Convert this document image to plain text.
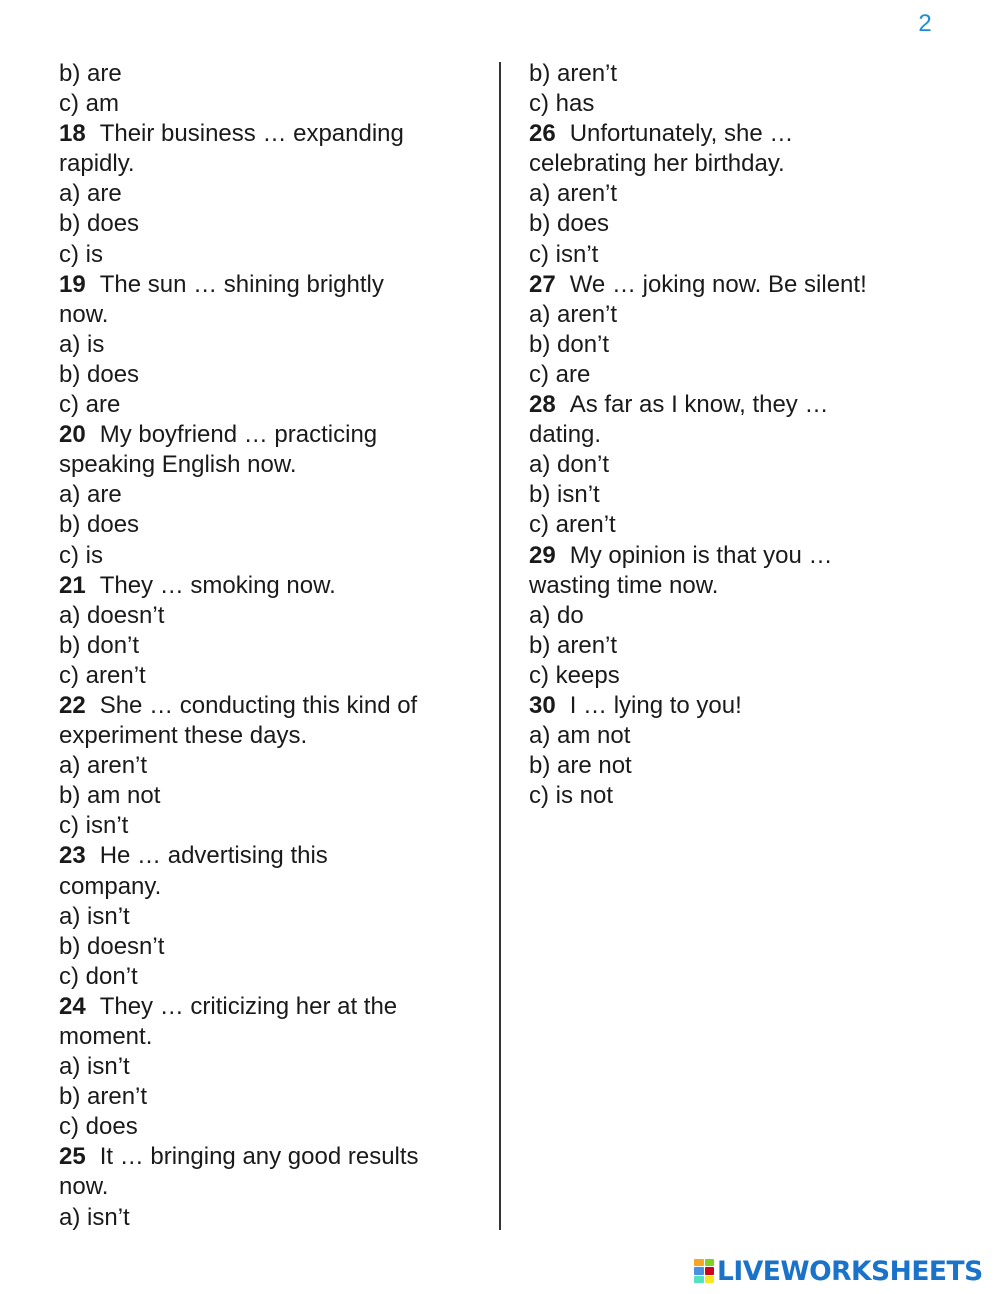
2
b) are
c) am
18 Their business … expanding
rapidly.
a) are
b) does
c) is
19 The sun … shining brightly
now.
a) is
b) does
c) are
20 My boyfriend … practicing
speaking English now.
a) are
b) does
c) is
21 They … smoking now.
a) doesn’t
b) don’t
c) aren’t
22 She … conducting this kind of
experiment these days.
a) aren’t
b) am not
c) isn’t
23 He … advertising this
company.
a) isn’t
b) doesn’t
c) don’t
24 They … criticizing her at the
moment.
a) isn’t
b) aren’t
c) does
25 It … bringing any good results
now.
a) isn’t
b) aren’t
c) has
26 Unfortunately, she …
celebrating her birthday.
a) aren’t
b) does
c) isn’t
27 We … joking now. Be silent!
a) aren’t
b) don’t
c) are
28 As far as I know, they …
dating.
a) don’t
b) isn’t
c) aren’t
29 My opinion is that you …
wasting time now.
a) do
b) aren’t
c) keeps
30 I … lying to you!
a) am not
b) are not
c) is not
LIVEWORKSHEETS
